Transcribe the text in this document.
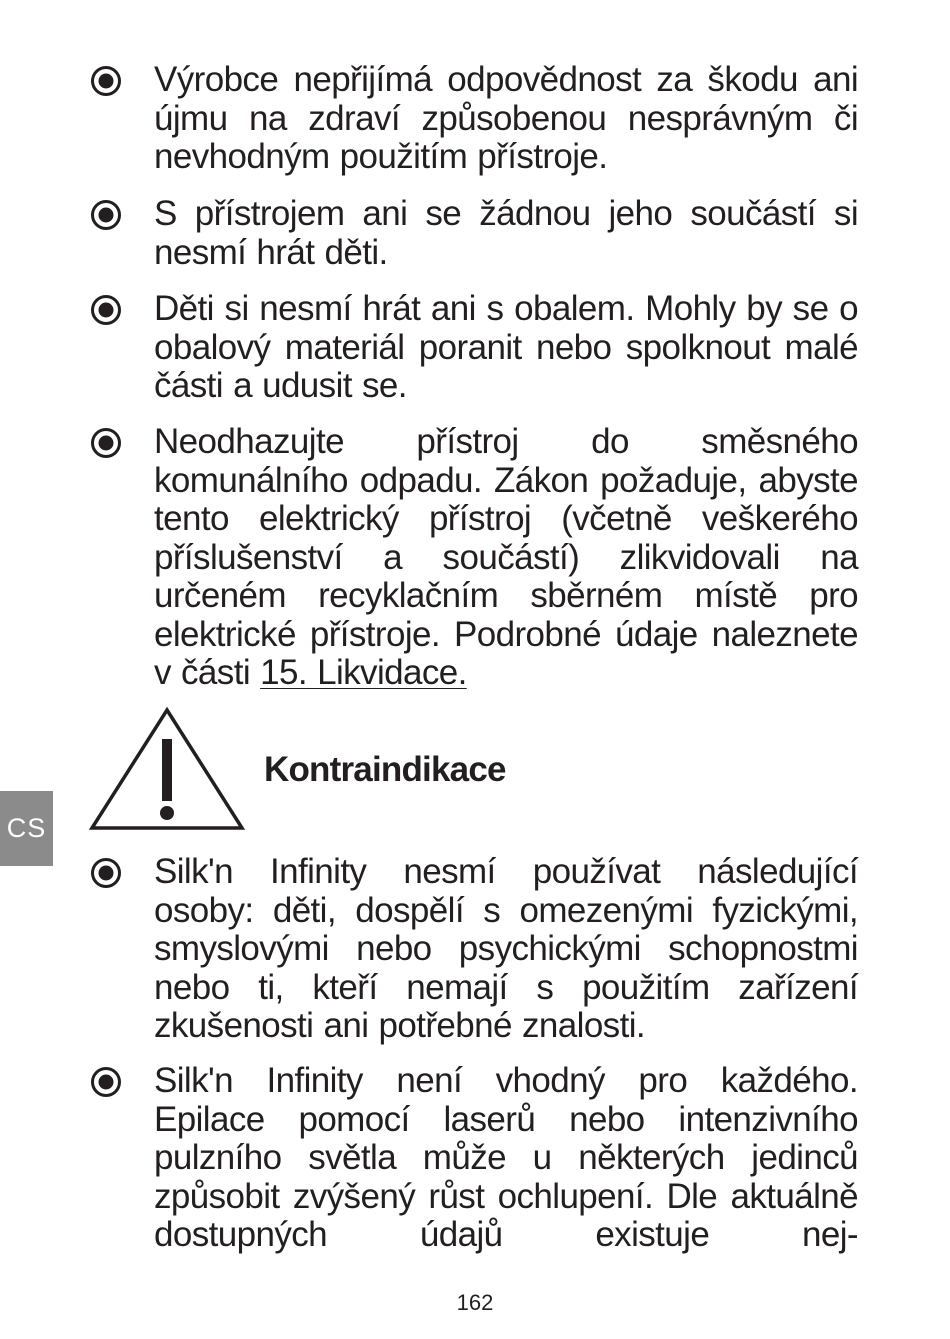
Výrobce nepřijímá odpovědnost za škodu ani újmu na zdraví způsobenou nesprávným či nevhodným použitím přístroje.
S přístrojem ani se žádnou jeho součástí si nesmí hrát děti.
Děti si nesmí hrát ani s obalem. Mohly by se o obalový materiál poranit nebo spolknout malé části a udusit se.
Neodhazujte přístroj do směsného komunálního odpadu. Zákon požaduje, abyste tento elektrický přístroj (včetně veškerého příslušenství a součástí) zlikvidovali na určeném recyklačním sběrném místě pro elektrické přístroje. Podrobné údaje naleznete v části 15. Likvidace.
Kontraindikace
CS
Silk'n Infinity nesmí používat následující osoby: děti, dospělí s omezenými fyzickými, smyslovými nebo psychickými schopnostmi nebo ti, kteří nemají s použitím zařízení zkušenosti ani potřebné znalosti.
Silk'n Infinity není vhodný pro každého. Epilace pomocí laserů nebo intenzivního pulzního světla může u některých jedinců způsobit zvýšený růst ochlupení. Dle aktuálně dostupných údajů existuje nej-
162
